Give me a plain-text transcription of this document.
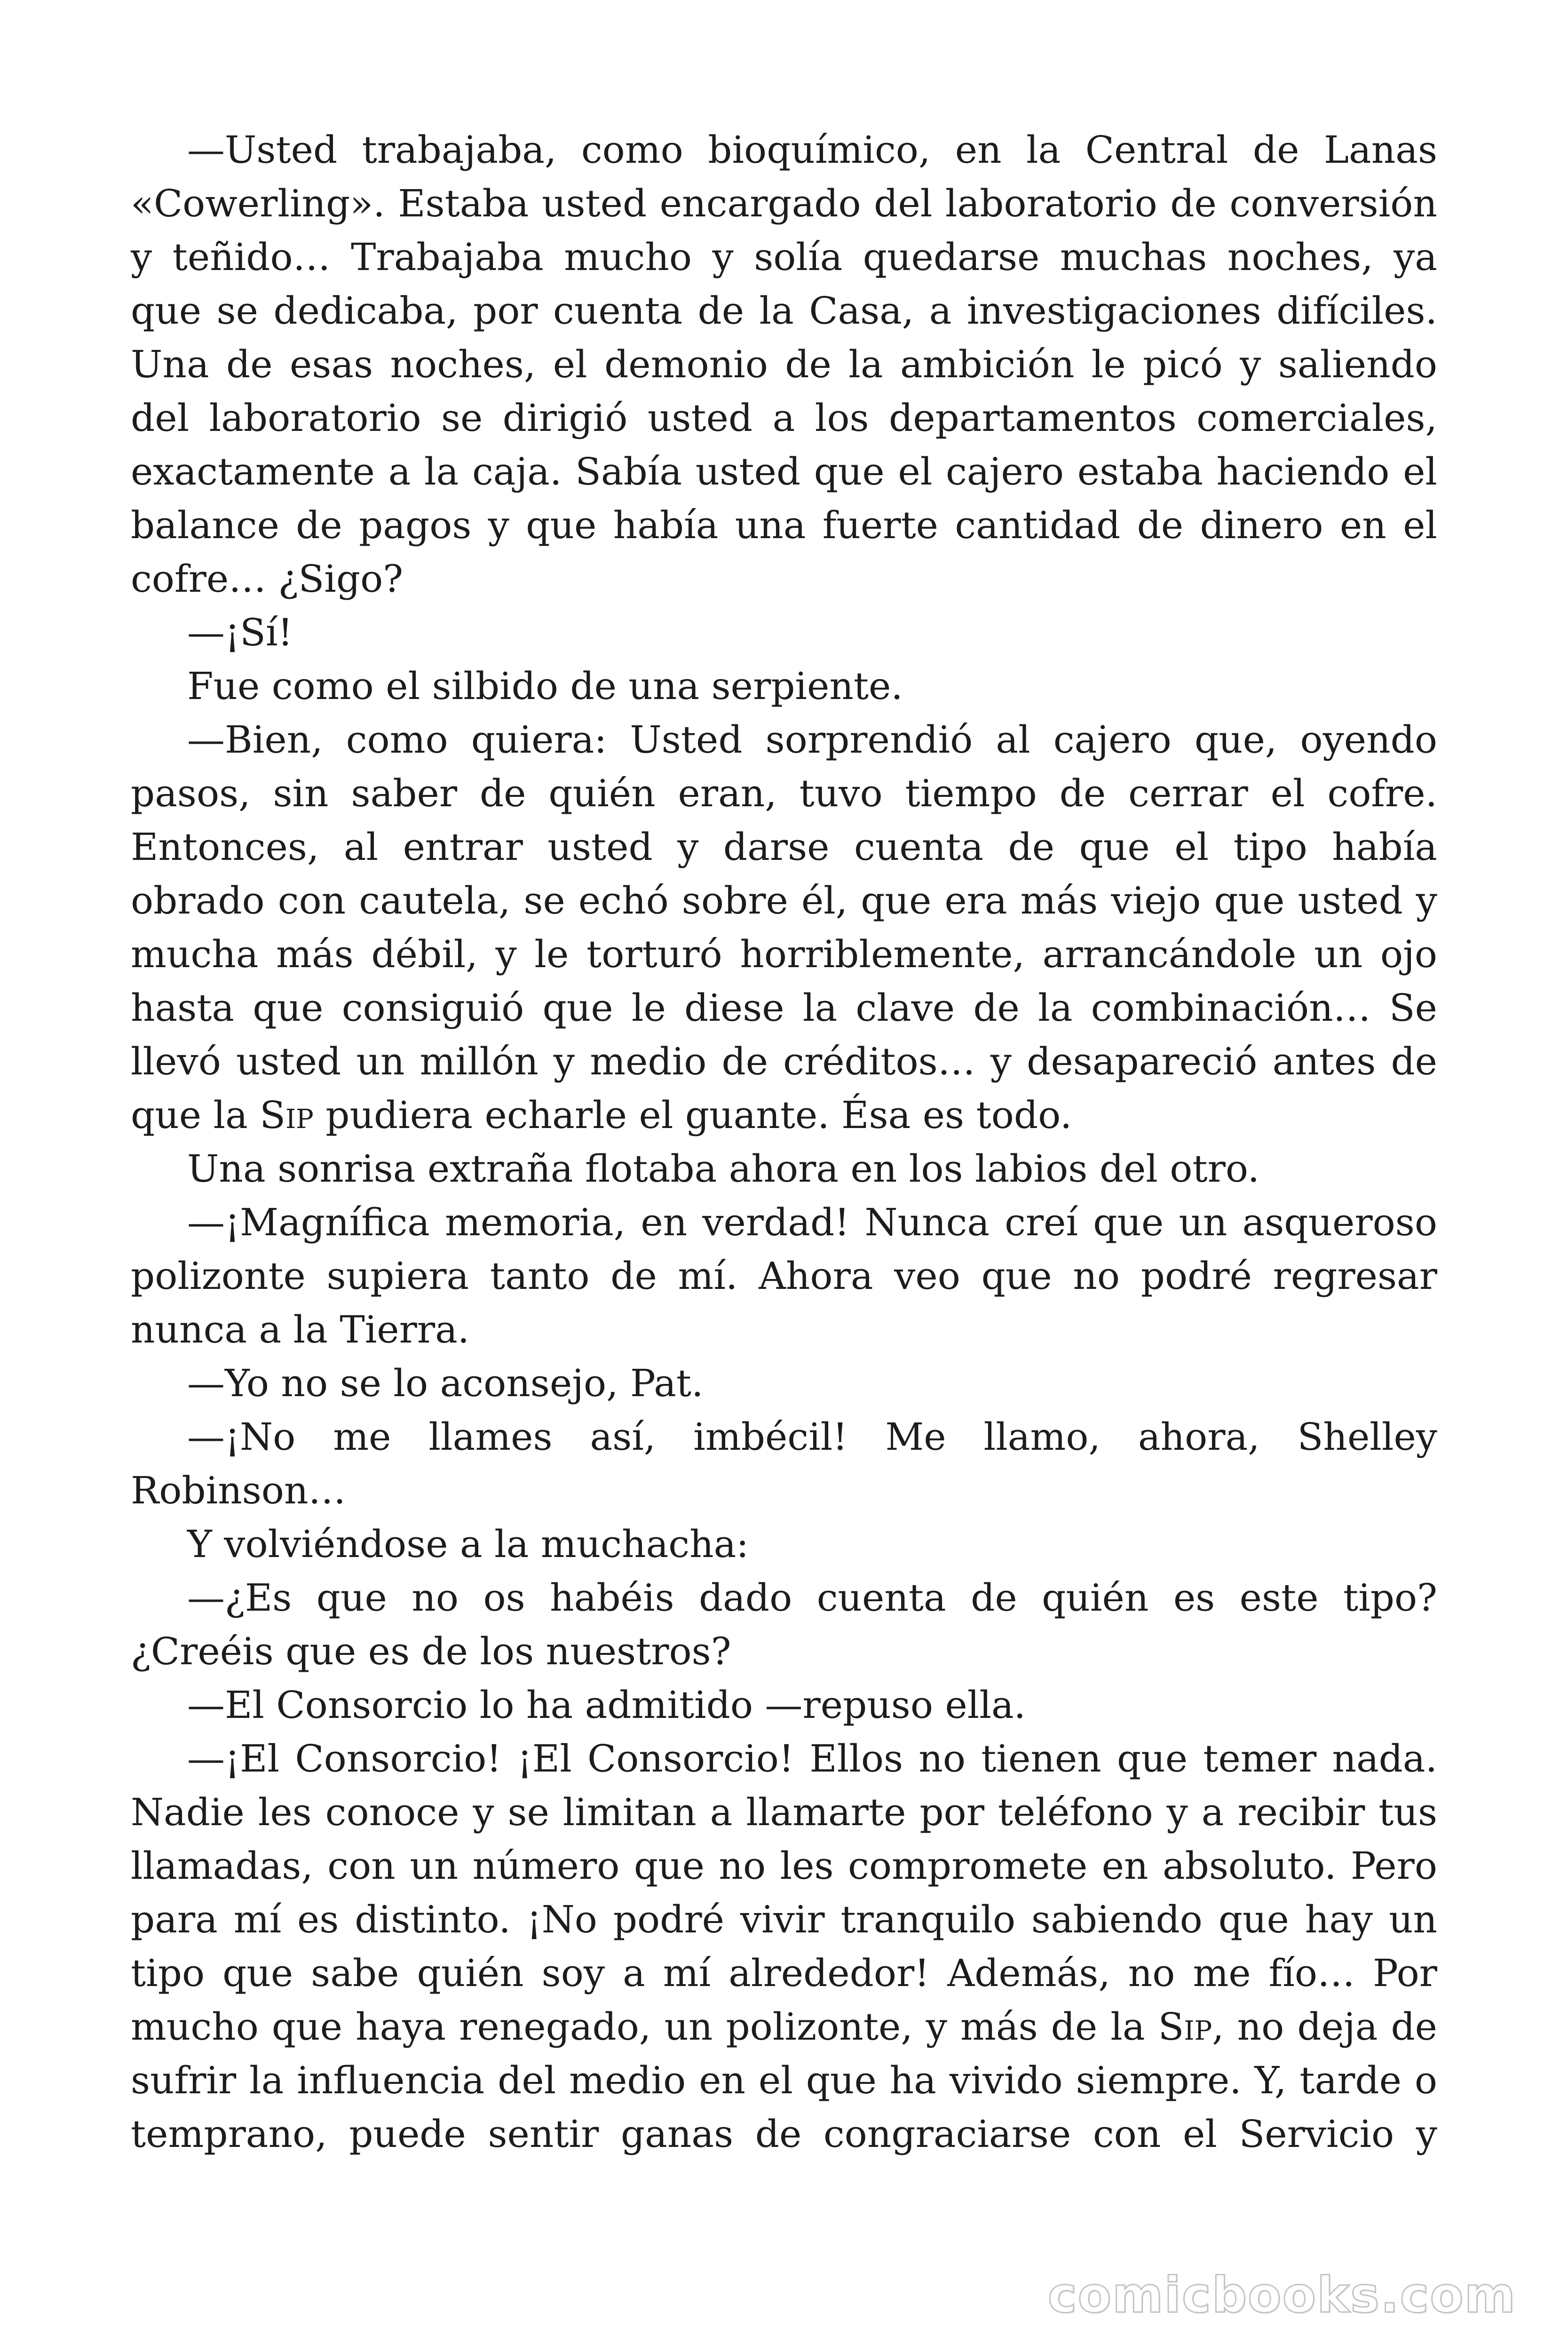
—Usted trabajaba, como bioquímico, en la Central de Lanas «Cowerling». Estaba usted encargado del laboratorio de conversión y teñido… Trabajaba mucho y solía quedarse muchas noches, ya que se dedicaba, por cuenta de la Casa, a investigaciones difíciles. Una de esas noches, el demonio de la ambición le picó y saliendo del laboratorio se dirigió usted a los departamentos comerciales, exactamente a la caja. Sabía usted que el cajero estaba haciendo el balance de pagos y que había una fuerte cantidad de dinero en el cofre… ¿Sigo?

—¡Sí!

Fue como el silbido de una serpiente.

—Bien, como quiera: Usted sorprendió al cajero que, oyendo pasos, sin saber de quién eran, tuvo tiempo de cerrar el cofre. Entonces, al entrar usted y darse cuenta de que el tipo había obrado con cautela, se echó sobre él, que era más viejo que usted y mucha más débil, y le torturó horriblemente, arrancándole un ojo hasta que consiguió que le diese la clave de la combinación… Se llevó usted un millón y medio de créditos… y desapareció antes de que la Sip pudiera echarle el guante. Ésa es todo.

Una sonrisa extraña flotaba ahora en los labios del otro.

—¡Magnífica memoria, en verdad! Nunca creí que un asqueroso polizonte supiera tanto de mí. Ahora veo que no podré regresar nunca a la Tierra.

—Yo no se lo aconsejo, Pat.

—¡No me llames así, imbécil! Me llamo, ahora, Shelley Robinson…

Y volviéndose a la muchacha:

—¿Es que no os habéis dado cuenta de quién es este tipo? ¿Creéis que es de los nuestros?

—El Consorcio lo ha admitido —repuso ella.

—¡El Consorcio! ¡El Consorcio! Ellos no tienen que temer nada. Nadie les conoce y se limitan a llamarte por teléfono y a recibir tus llamadas, con un número que no les compromete en absoluto. Pero para mí es distinto. ¡No podré vivir tranquilo sabiendo que hay un tipo que sabe quién soy a mí alrededor! Además, no me fío… Por mucho que haya renegado, un polizonte, y más de la Sip, no deja de sufrir la influencia del medio en el que ha vivido siempre. Y, tarde o temprano, puede sentir ganas de congraciarse con el Servicio y

comicbooks.com
